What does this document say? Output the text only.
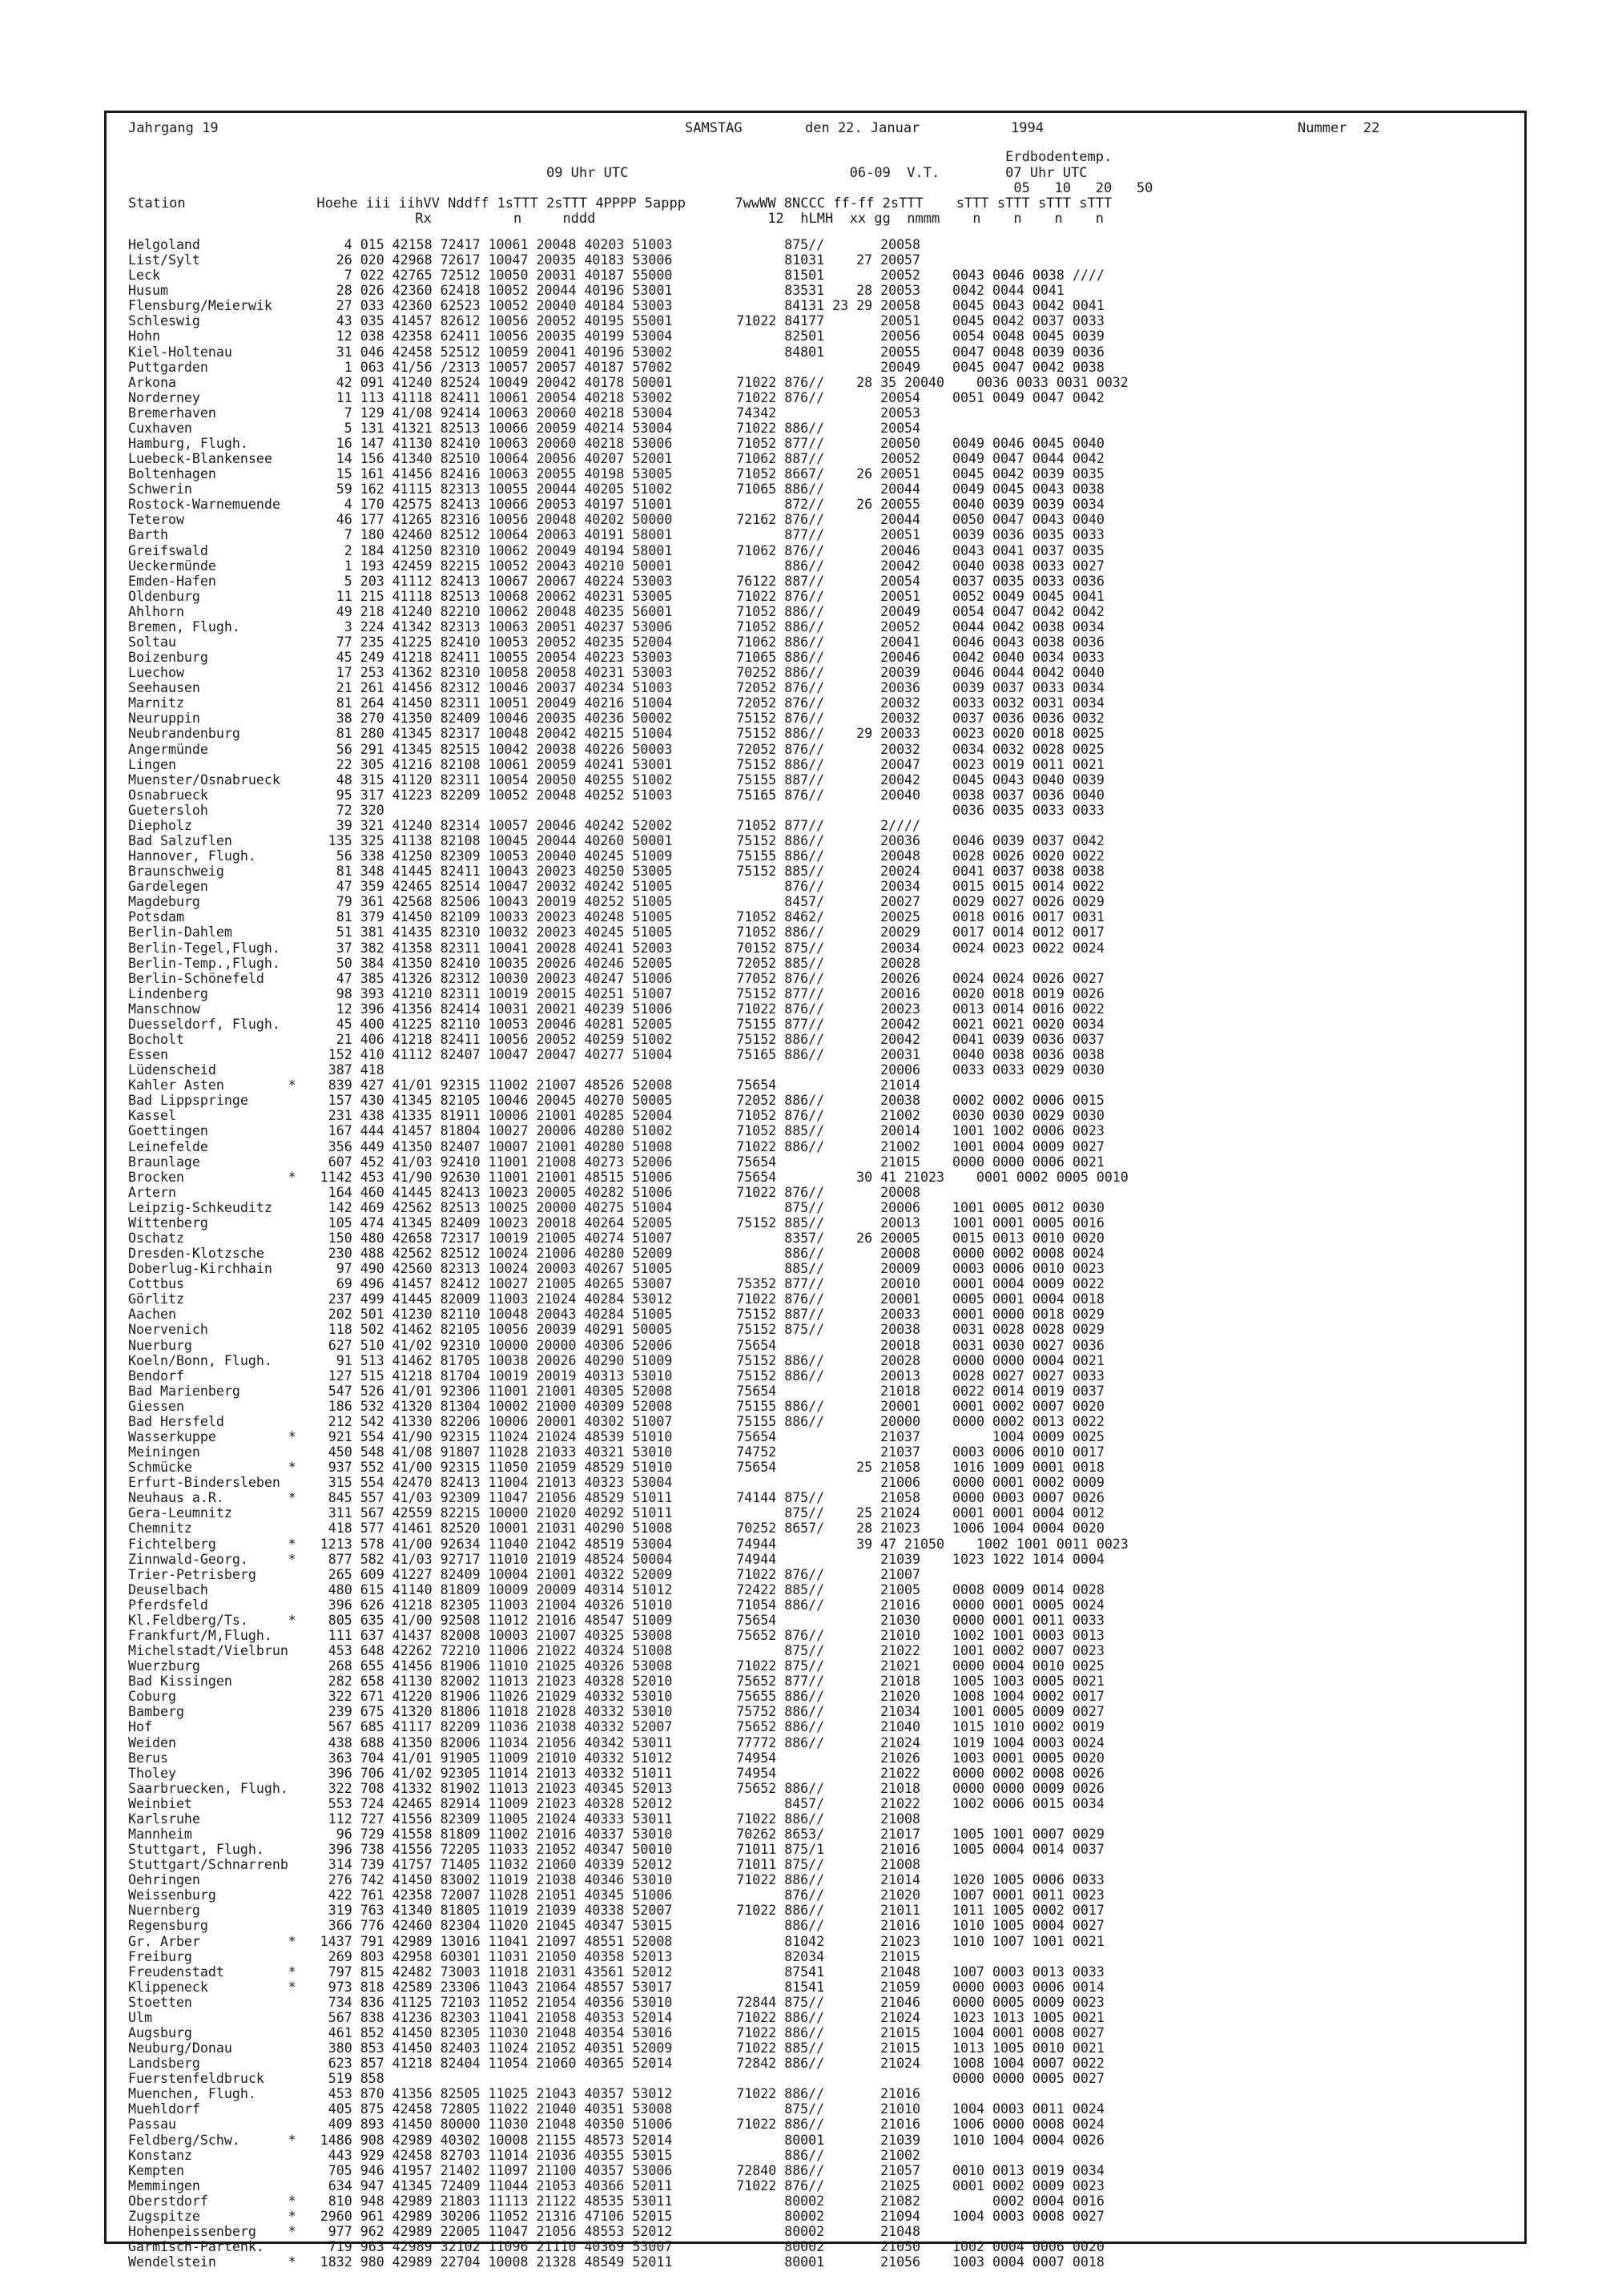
Jahrgang 19	SAMSTAG	den 22. Januar	1994	Nummer  22
Erdbodentemp.
09 Uhr UTC                           06-09  V.T.        07 Uhr UTC
05   10   20   50
Station                Hoehe iii iihVV Nddff 1sTTT 2sTTT 4PPPP 5appp      7wwWW 8NCCC ff-ff 2sTTT    sTTT sTTT sTTT sTTT
Rx          n     nddd                     12  hLMH  xx gg  nmmm    n    n    n    n
Helgoland                  4 015 42158 72417 10061 20048 40203 51003              875//       20058
List/Sylt                 26 020 42968 72617 10047 20035 40183 53006              81031    27 20057
Leck                       7 022 42765 72512 10050 20031 40187 55000              81501       20052    0043 0046 0038 ////
Husum                     28 026 42360 62418 10052 20044 40196 53001              83531    28 20053    0042 0044 0041
Flensburg/Meierwik        27 033 42360 62523 10052 20040 40184 53003              84131 23 29 20058    0045 0043 0042 0041
Schleswig                 43 035 41457 82612 10056 20052 40195 55001        71022 84177       20051    0045 0042 0037 0033
Hohn                      12 038 42358 62411 10056 20035 40199 53004              82501       20056    0054 0048 0045 0039
Kiel-Holtenau             31 046 42458 52512 10059 20041 40196 53002              84801       20055    0047 0048 0039 0036
Puttgarden                 1 063 41/56 /2313 10057 20057 40187 57002                          20049    0045 0047 0042 0038
Arkona                    42 091 41240 82524 10049 20042 40178 50001        71022 876//    28 35 20040    0036 0033 0031 0032
Norderney                 11 113 41118 82411 10061 20054 40218 53002        71022 876//       20054    0051 0049 0047 0042
Bremerhaven                7 129 41/08 92414 10063 20060 40218 53004        74342             20053
Cuxhaven                   5 131 41321 82513 10066 20059 40214 53004        71022 886//       20054
Hamburg, Flugh.           16 147 41130 82410 10063 20060 40218 53006        71052 877//       20050    0049 0046 0045 0040
Luebeck-Blankensee        14 156 41340 82510 10064 20056 40207 52001        71062 887//       20052    0049 0047 0044 0042
Boltenhagen               15 161 41456 82416 10063 20055 40198 53005        71052 8667/    26 20051    0045 0042 0039 0035
Schwerin                  59 162 41115 82313 10055 20044 40205 51002        71065 886//       20044    0049 0045 0043 0038
Rostock-Warnemuende        4 170 42575 82413 10066 20053 40197 51001              872//    26 20055    0040 0039 0039 0034
Teterow                   46 177 41265 82316 10056 20048 40202 50000        72162 876//       20044    0050 0047 0043 0040
Barth                      7 180 42460 82512 10064 20063 40191 58001              877//       20051    0039 0036 0035 0033
Greifswald                 2 184 41250 82310 10062 20049 40194 58001        71062 876//       20046    0043 0041 0037 0035
Ueckermünde                1 193 42459 82215 10052 20043 40210 50001              886//       20042    0040 0038 0033 0027
Emden-Hafen                5 203 41112 82413 10067 20067 40224 53003        76122 887//       20054    0037 0035 0033 0036
Oldenburg                 11 215 41118 82513 10068 20062 40231 53005        71022 876//       20051    0052 0049 0045 0041
Ahlhorn                   49 218 41240 82210 10062 20048 40235 56001        71052 886//       20049    0054 0047 0042 0042
Bremen, Flugh.             3 224 41342 82313 10063 20051 40237 53006        71052 886//       20052    0044 0042 0038 0034
Soltau                    77 235 41225 82410 10053 20052 40235 52004        71062 886//       20041    0046 0043 0038 0036
Boizenburg                45 249 41218 82411 10055 20054 40223 53003        71065 886//       20046    0042 0040 0034 0033
Luechow                   17 253 41362 82310 10058 20058 40231 53003        70252 886//       20039    0046 0044 0042 0040
Seehausen                 21 261 41456 82312 10046 20037 40234 51003        72052 876//       20036    0039 0037 0033 0034
Marnitz                   81 264 41450 82311 10051 20049 40216 51004        72052 876//       20032    0033 0032 0031 0034
Neuruppin                 38 270 41350 82409 10046 20035 40236 50002        75152 876//       20032    0037 0036 0036 0032
Neubrandenburg            81 280 41345 82317 10048 20042 40215 51004        75152 886//    29 20033    0023 0020 0018 0025
Angermünde                56 291 41345 82515 10042 20038 40226 50003        72052 876//       20032    0034 0032 0028 0025
Lingen                    22 305 41216 82108 10061 20059 40241 53001        75152 886//       20047    0023 0019 0011 0021
Muenster/Osnabrueck       48 315 41120 82311 10054 20050 40255 51002        75155 887//       20042    0045 0043 0040 0039
Osnabrueck                95 317 41223 82209 10052 20048 40252 51003        75165 876//       20040    0038 0037 0036 0040
Guetersloh                72 320                                                                       0036 0035 0033 0033
Diepholz                  39 321 41240 82314 10057 20046 40242 52002        71052 877//       2////
Bad Salzuflen            135 325 41138 82108 10045 20044 40260 50001        75152 886//       20036    0046 0039 0037 0042
Hannover, Flugh.          56 338 41250 82309 10053 20040 40245 51009        75155 886//       20048    0028 0026 0020 0022
Braunschweig              81 348 41445 82411 10043 20023 40250 53005        75152 885//       20024    0041 0037 0038 0038
Gardelegen                47 359 42465 82514 10047 20032 40242 51005              876//       20034    0015 0015 0014 0022
Magdeburg                 79 361 42568 82506 10043 20019 40252 51005              8457/       20027    0029 0027 0026 0029
Potsdam                   81 379 41450 82109 10033 20023 40248 51005        71052 8462/       20025    0018 0016 0017 0031
Berlin-Dahlem             51 381 41435 82310 10032 20023 40245 51005        71052 886//       20029    0017 0014 0012 0017
Berlin-Tegel,Flugh.       37 382 41358 82311 10041 20028 40241 52003        70152 875//       20034    0024 0023 0022 0024
Berlin-Temp.,Flugh.       50 384 41350 82410 10035 20026 40246 52005        72052 885//       20028
Berlin-Schönefeld         47 385 41326 82312 10030 20023 40247 51006        77052 876//       20026    0024 0024 0026 0027
Lindenberg                98 393 41210 82311 10019 20015 40251 51007        75152 877//       20016    0020 0018 0019 0026
Manschnow                 12 396 41356 82414 10031 20021 40239 51006        71022 876//       20023    0013 0014 0016 0022
Duesseldorf, Flugh.       45 400 41225 82110 10053 20046 40281 52005        75155 877//       20042    0021 0021 0020 0034
Bocholt                   21 406 41218 82411 10056 20052 40259 51002        75152 886//       20042    0041 0039 0036 0037
Essen                    152 410 41112 82407 10047 20047 40277 51004        75165 886//       20031    0040 0038 0036 0038
Lüdenscheid              387 418                                                              20006    0033 0033 0029 0030
Kahler Asten        *    839 427 41/01 92315 11002 21007 48526 52008        75654             21014
Bad Lippspringe          157 430 41345 82105 10046 20045 40270 50005        72052 886//       20038    0002 0002 0006 0015
Kassel                   231 438 41335 81911 10006 21001 40285 52004        71052 876//       21002    0030 0030 0029 0030
Goettingen               167 444 41457 81804 10027 20006 40280 51002        71052 885//       20014    1001 1002 0006 0023
Leinefelde               356 449 41350 82407 10007 21001 40280 51008        71022 886//       21002    1001 0004 0009 0027
Braunlage                607 452 41/03 92410 11001 21008 40273 52006        75654             21015    0000 0000 0006 0021
Brocken             *   1142 453 41/90 92630 11001 21001 48515 51006        75654          30 41 21023    0001 0002 0005 0010
Artern                   164 460 41445 82413 10023 20005 40282 51006        71022 876//       20008
Leipzig-Schkeuditz       142 469 42562 82513 10025 20000 40275 51004              875//       20006    1001 0005 0012 0030
Wittenberg               105 474 41345 82409 10023 20018 40264 52005        75152 885//       20013    1001 0001 0005 0016
Oschatz                  150 480 42658 72317 10019 21005 40274 51007              8357/    26 20005    0015 0013 0010 0020
Dresden-Klotzsche        230 488 42562 82512 10024 21006 40280 52009              886//       20008    0000 0002 0008 0024
Doberlug-Kirchhain        97 490 42560 82313 10024 20003 40267 51005              885//       20009    0003 0006 0010 0023
Cottbus                   69 496 41457 82412 10027 21005 40265 53007        75352 877//       20010    0001 0004 0009 0022
Görlitz                  237 499 41445 82009 11003 21024 40284 53012        71022 876//       20001    0005 0001 0004 0018
Aachen                   202 501 41230 82110 10048 20043 40284 51005        75152 887//       20033    0001 0000 0018 0029
Noervenich               118 502 41462 82105 10056 20039 40291 50005        75152 875//       20038    0031 0028 0028 0029
Nuerburg                 627 510 41/02 92310 10000 20000 40306 52006        75654             20018    0031 0030 0027 0036
Koeln/Bonn, Flugh.        91 513 41462 81705 10038 20026 40290 51009        75152 886//       20028    0000 0000 0004 0021
Bendorf                  127 515 41218 81704 10019 20019 40313 53010        75152 886//       20013    0028 0027 0027 0033
Bad Marienberg           547 526 41/01 92306 11001 21001 40305 52008        75654             21018    0022 0014 0019 0037
Giessen                  186 532 41320 81304 10002 21000 40309 52008        75155 886//       20001    0001 0002 0007 0020
Bad Hersfeld             212 542 41330 82206 10006 20001 40302 51007        75155 886//       20000    0000 0002 0013 0022
Wasserkuppe         *    921 554 41/90 92315 11024 21024 48539 51010        75654             21037         1004 0009 0025
Meiningen                450 548 41/08 91807 11028 21033 40321 53010        74752             21037    0003 0006 0010 0017
Schmücke            *    937 552 41/00 92315 11050 21059 48529 51010        75654          25 21058    1016 1009 0001 0018
Erfurt-Bindersleben      315 554 42470 82413 11004 21013 40323 53004                          21006    0000 0001 0002 0009
Neuhaus a.R.        *    845 557 41/03 92309 11047 21056 48529 51011        74144 875//       21058    0000 0003 0007 0026
Gera-Leumnitz            311 567 42559 82215 10000 21020 40292 51011              875//    25 21024    0001 0001 0004 0012
Chemnitz                 418 577 41461 82520 10001 21031 40290 51008        70252 8657/    28 21023    1006 1004 0004 0020
Fichtelberg         *   1213 578 41/00 92634 11040 21042 48519 53004        74944          39 47 21050    1002 1001 0011 0023
Zinnwald-Georg.     *    877 582 41/03 92717 11010 21019 48524 50004        74944             21039    1023 1022 1014 0004
Trier-Petrisberg         265 609 41227 82409 10004 21001 40322 52009        71022 876//       21007
Deuselbach               480 615 41140 81809 10009 20009 40314 51012        72422 885//       21005    0008 0009 0014 0028
Pferdsfeld               396 626 41218 82305 11003 21004 40326 51010        71054 886//       21016    0000 0001 0005 0024
Kl.Feldberg/Ts.     *    805 635 41/00 92508 11012 21016 48547 51009        75654             21030    0000 0001 0011 0033
Frankfurt/M,Flugh.       111 637 41437 82008 10003 21007 40325 53008        75652 876//       21010    1002 1001 0003 0013
Michelstadt/Vielbrun     453 648 42262 72210 11006 21022 40324 51008              875//       21022    1001 0002 0007 0023
Wuerzburg                268 655 41456 81906 11010 21025 40326 53008        71022 875//       21021    0000 0004 0010 0025
Bad Kissingen            282 658 41130 82002 11013 21023 40328 52010        75652 877//       21018    1005 1003 0005 0021
Coburg                   322 671 41220 81906 11026 21029 40332 53010        75655 886//       21020    1008 1004 0002 0017
Bamberg                  239 675 41320 81806 11018 21028 40332 53010        75752 886//       21034    1001 0005 0009 0027
Hof                      567 685 41117 82209 11036 21038 40332 52007        75652 886//       21040    1015 1010 0002 0019
Weiden                   438 688 41350 82006 11034 21056 40342 53011        77772 886//       21024    1019 1004 0003 0024
Berus                    363 704 41/01 91905 11009 21010 40332 51012        74954             21026    1003 0001 0005 0020
Tholey                   396 706 41/02 92305 11014 21013 40332 51011        74954             21022    0000 0002 0008 0026
Saarbruecken, Flugh.     322 708 41332 81902 11013 21023 40345 52013        75652 886//       21018    0000 0000 0009 0026
Weinbiet                 553 724 42465 82914 11009 21023 40328 52012              8457/       21022    1002 0006 0015 0034
Karlsruhe                112 727 41556 82309 11005 21024 40333 53011        71022 886//       21008
Mannheim                  96 729 41558 81809 11002 21016 40337 53010        70262 8653/       21017    1005 1001 0007 0029
Stuttgart, Flugh.        396 738 41556 72205 11033 21052 40347 50010        71011 875/1       21016    1005 0004 0014 0037
Stuttgart/Schnarrenb     314 739 41757 71405 11032 21060 40339 52012        71011 875//       21008
Oehringen                276 742 41450 83002 11019 21038 40346 53010        71022 886//       21014    1020 1005 0006 0033
Weissenburg              422 761 42358 72007 11028 21051 40345 51006              876//       21020    1007 0001 0011 0023
Nuernberg                319 763 41340 81805 11019 21039 40338 52007        71022 886//       21011    1011 1005 0002 0017
Regensburg               366 776 42460 82304 11020 21045 40347 53015              886//       21016    1010 1005 0004 0027
Gr. Arber           *   1437 791 42989 13016 11041 21097 48551 52008              81042       21023    1010 1007 1001 0021
Freiburg                 269 803 42958 60301 11031 21050 40358 52013              82034       21015
Freudenstadt        *    797 815 42482 73003 11018 21031 43561 52012              87541       21048    1007 0003 0013 0033
Klippeneck          *    973 818 42589 23306 11043 21064 48557 53017              81541       21059    0000 0003 0006 0014
Stoetten                 734 836 41125 72103 11052 21054 40356 53010        72844 875//       21046    0000 0005 0009 0023
Ulm                      567 838 41236 82303 11041 21058 40353 52014        71022 886//       21024    1023 1013 1005 0021
Augsburg                 461 852 41450 82305 11030 21048 40354 53016        71022 886//       21015    1004 0001 0008 0027
Neuburg/Donau            380 853 41450 82403 11024 21052 40351 52009        71022 885//       21015    1013 1005 0010 0021
Landsberg                623 857 41218 82404 11054 21060 40365 52014        72842 886//       21024    1008 1004 0007 0022
Fuerstenfeldbruck        519 858                                                                       0000 0000 0005 0027
Muenchen, Flugh.         453 870 41356 82505 11025 21043 40357 53012        71022 886//       21016
Muehldorf                405 875 42458 72805 11022 21040 40351 53008              875//       21010    1004 0003 0011 0024
Passau                   409 893 41450 80000 11030 21048 40350 51006        71022 886//       21016    1006 0000 0008 0024
Feldberg/Schw.      *   1486 908 42989 40302 10008 21155 48573 52014              80001       21039    1010 1004 0004 0026
Konstanz                 443 929 42458 82703 11014 21036 40355 53015              886//       21002
Kempten                  705 946 41957 21402 11097 21100 40357 53006        72840 886//       21057    0010 0013 0019 0034
Memmingen                634 947 41345 72409 11044 21053 40366 52011        71022 876//       21025    0001 0002 0009 0023
Oberstdorf          *    810 948 42989 21803 11113 21122 48535 53011              80002       21082         0002 0004 0016
Zugspitze           *   2960 961 42989 30206 11052 21316 47106 52015              80002       21094    1004 0003 0008 0027
Hohenpeissenberg    *    977 962 42989 22005 11047 21056 48553 52012              80002       21048
Garmisch-Partenk.        719 963 42989 32102 11096 21110 40369 53007              80002       21050    1002 0004 0006 0020
Wendelstein         *   1832 980 42989 22704 10008 21328 48549 52011              80001       21056    1003 0004 0007 0018
